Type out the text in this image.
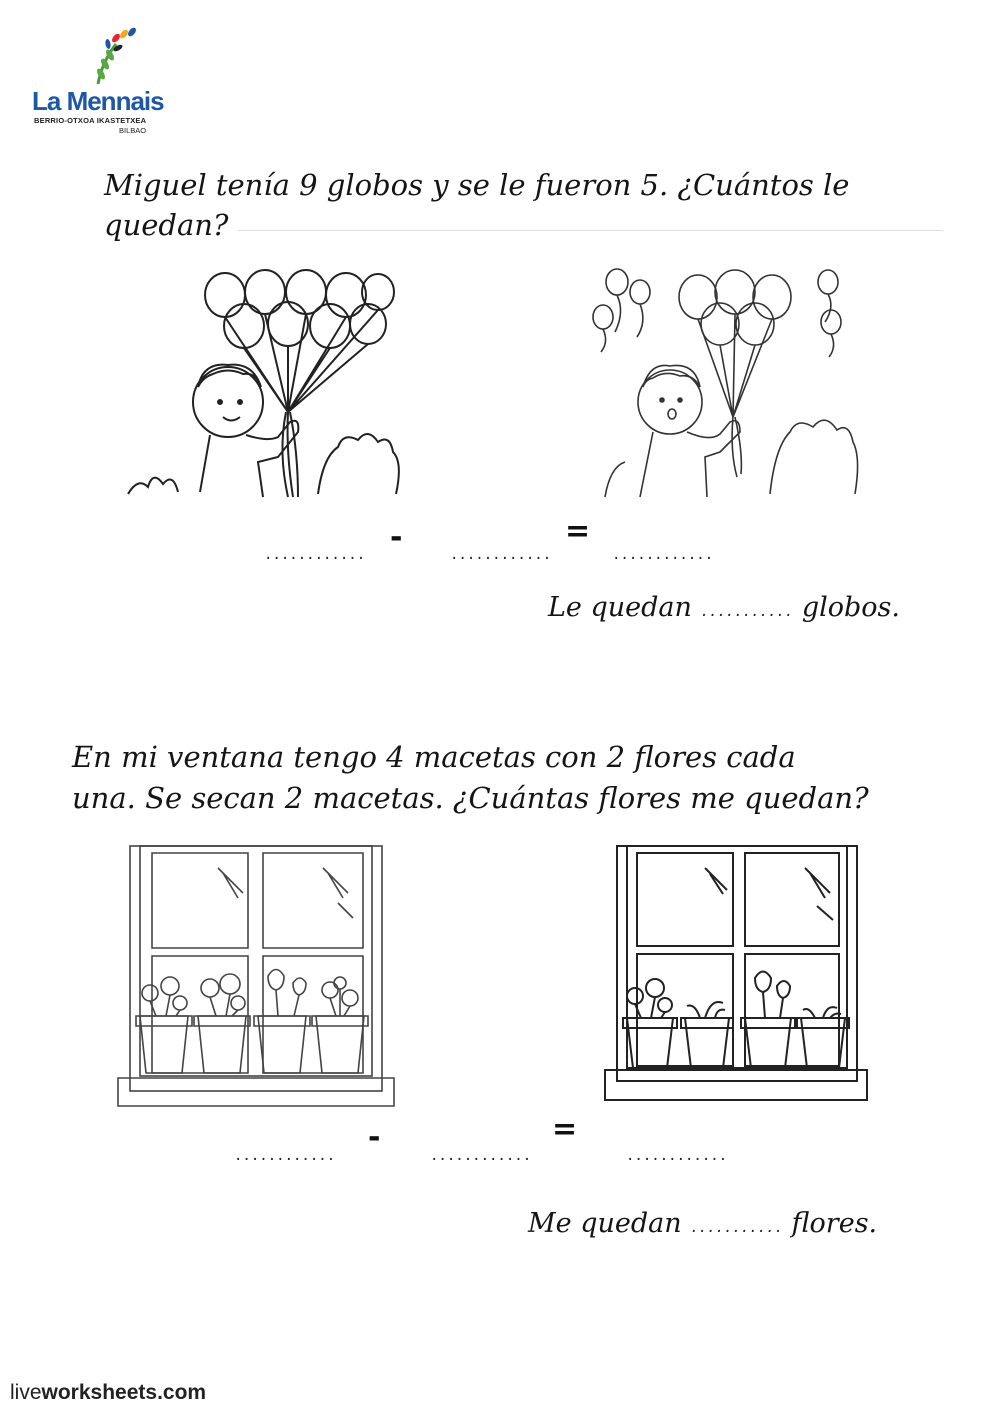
La Mennais
BERRIO-OTXOA IKASTETXEA
BILBAO
Miguel tenía 9 globos y se le fueron 5. ¿Cuántos le
quedan?
............ -	............
=
............
Le quedan ........... globos.
En mi ventana tengo 4 macetas con 2 flores cada
una. Se secan 2 macetas. ¿Cuántas flores me quedan?
............
-
............
=
............
Me quedan ........... flores.
liveworksheets.com
